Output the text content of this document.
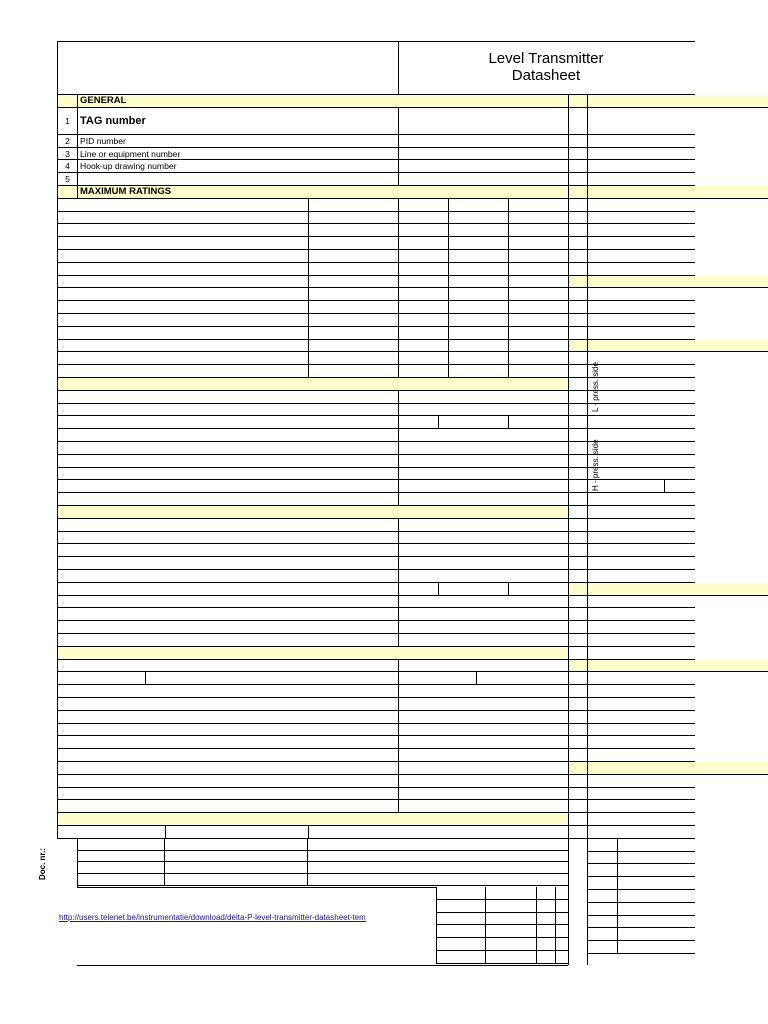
Level Transmitter
Datasheet
GENERAL
1 TAG number
2	PID number
3	Line or equipment number
4	Hook-up drawing number
5
MAXIMUM RATINGS
L - press. side
H - press. side
Doc. nr.:
http://users.telenet.be/instrumentatie/download/delta-P-level-transmitter-datasheet-tem
